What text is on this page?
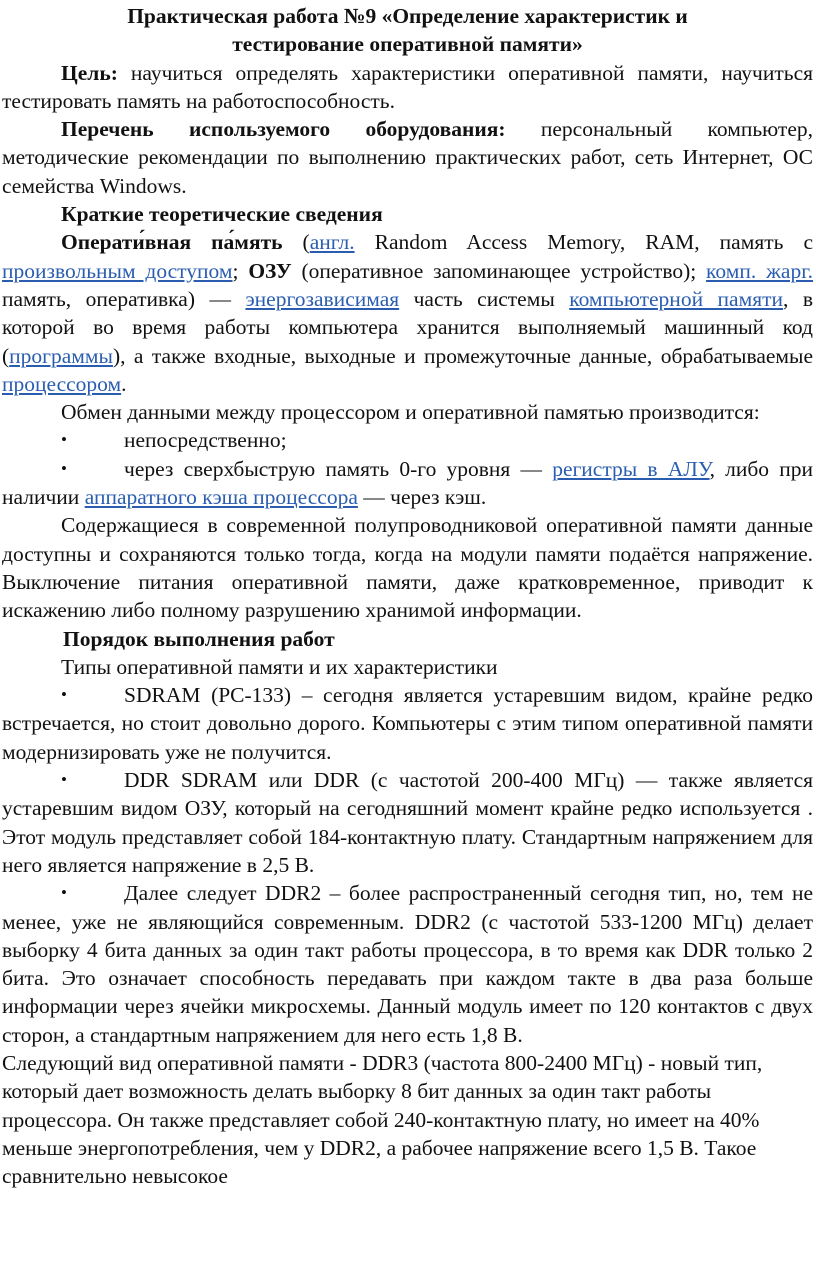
Практическая работа №9 «Определение характеристик и

тестирование оперативной памяти»

Цель: научиться определять характеристики оперативной памяти, научиться тестировать память на работоспособность.

Перечень используемого оборудования: персональный компьютер, методические рекомендации по выполнению практических работ, сеть Интернет, ОС семейства Windows.

Краткие теоретические сведения

Операти́вная па́мять (англ. Random Access Memory, RAM, память с произвольным доступом; ОЗУ (оперативное запоминающее устройство); комп. жарг. память, оперативка) — энергозависимая часть системы компьютерной памяти, в которой во время работы компьютера хранится выполняемый машинный код (программы), а также входные, выходные и промежуточные данные, обрабатываемые процессором.

Обмен данными между процессором и оперативной памятью производится:

•	непосредственно;

•	через сверхбыструю память 0-го уровня — регистры в АЛУ, либо при наличии аппаратного кэша процессора — через кэш.

Содержащиеся в современной полупроводниковой оперативной памяти данные доступны и сохраняются только тогда, когда на модули памяти подаётся напряжение. Выключение питания оперативной памяти, даже кратковременное, приводит к искажению либо полному разрушению хранимой информации.

Порядок выполнения работ

Типы оперативной памяти и их характеристики

•	SDRAM (PC-133) – сегодня является устаревшим видом, крайне редко встречается, но стоит довольно дорого. Компьютеры с этим типом оперативной памяти модернизировать уже не получится.

•	DDR SDRAM или DDR (с частотой 200-400 МГц) — также является устаревшим видом ОЗУ, который на сегодняшний момент крайне редко используется . Этот модуль представляет собой 184-контактную плату. Стандартным напряжением для него является напряжение в 2,5 В.

•	Далее следует DDR2 – более распространенный сегодня тип, но, тем не менее, уже не являющийся современным. DDR2 (с частотой 533-1200 МГц) делает выборку 4 бита данных за один такт работы процессора, в то время как DDR только 2 бита. Это означает способность передавать при каждом такте в два раза больше информации через ячейки микросхемы. Данный модуль имеет по 120 контактов с двух сторон, а стандартным напряжением для него есть 1,8 В.

Следующий вид оперативной памяти - DDR3 (частота 800-2400 МГц) - новый тип, который дает возможность делать выборку 8 бит данных за один такт работы процессора. Он также представляет собой 240-контактную плату, но имеет на 40% меньше энергопотребления, чем у DDR2, а рабочее напряжение всего 1,5 В. Такое сравнительно невысокое
